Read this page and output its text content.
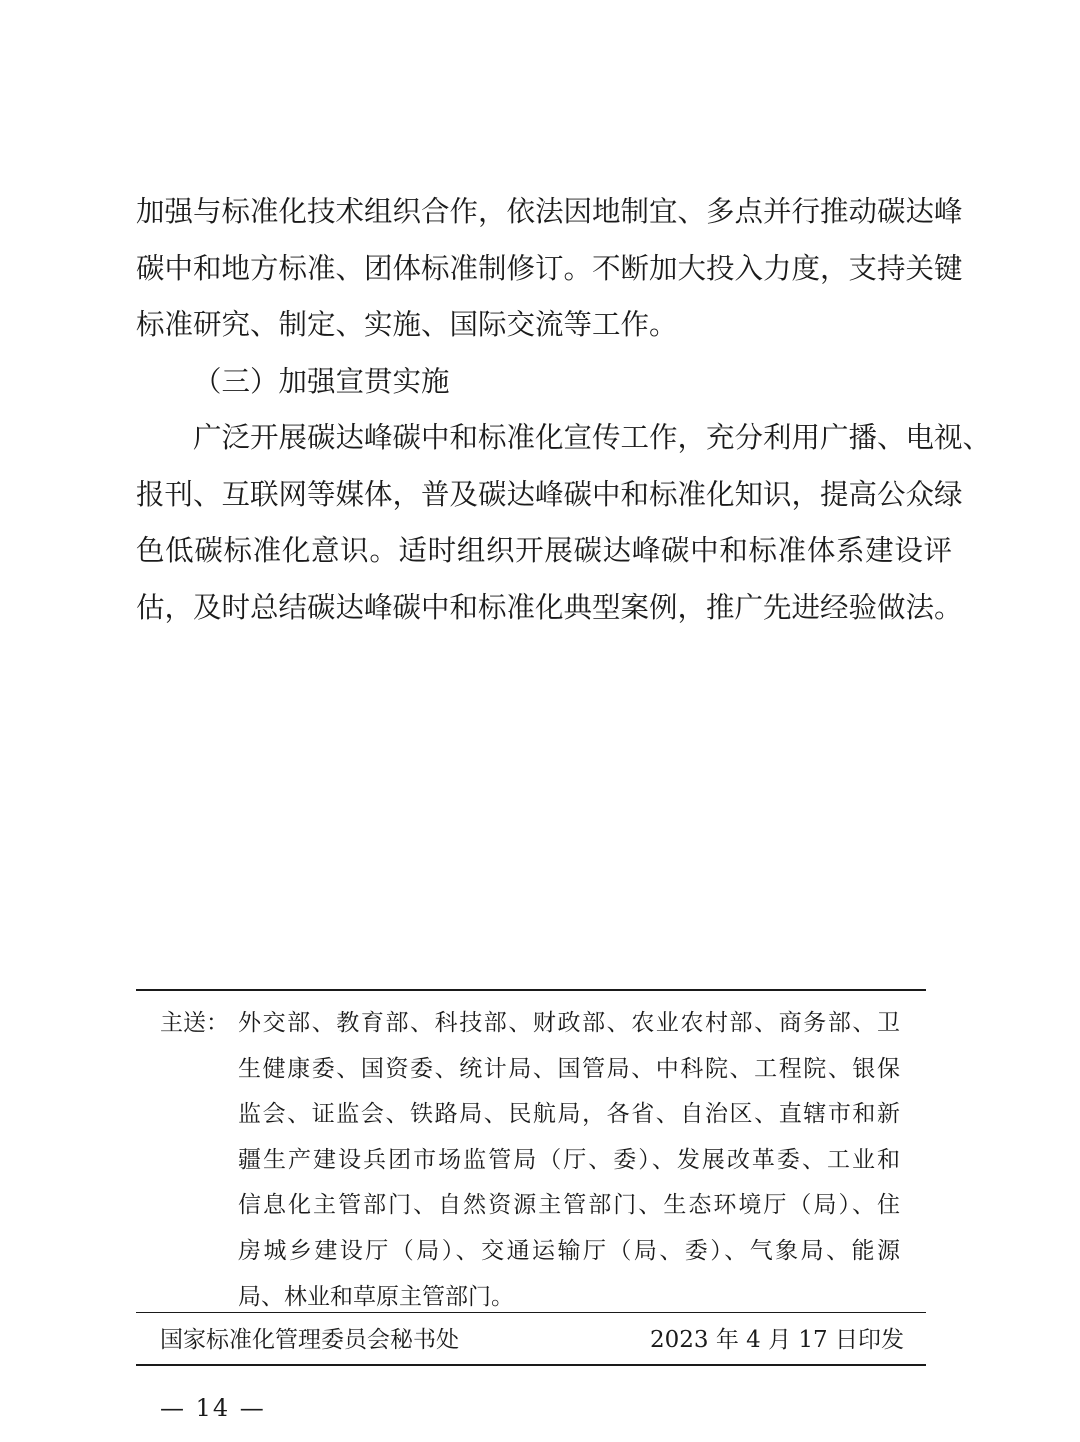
加强与标准化技术组织合作，依法因地制宜、多点并行推动碳达峰
碳中和地方标准、团体标准制修订。不断加大投入力度，支持关键
标准研究、制定、实施、国际交流等工作。
（三）加强宣贯实施
广泛开展碳达峰碳中和标准化宣传工作，充分利用广播、电视、
报刊、互联网等媒体，普及碳达峰碳中和标准化知识，提高公众绿
色低碳标准化意识。适时组织开展碳达峰碳中和标准体系建设评
估，及时总结碳达峰碳中和标准化典型案例，推广先进经验做法。
主送： 外交部、教育部、科技部、财政部、农业农村部、商务部、卫
生健康委、国资委、统计局、国管局、中科院、工程院、银保
监会、证监会、铁路局、民航局，各省、自治区、直辖市和新
疆生产建设兵团市场监管局（厅、委）、发展改革委、工业和
信息化主管部门、自然资源主管部门、生态环境厅（局）、住
房城乡建设厅（局）、交通运输厅（局、委）、气象局、能源
局、林业和草原主管部门。
国家标准化管理委员会秘书处	2023 年 4 月 17 日印发
— 14 —
